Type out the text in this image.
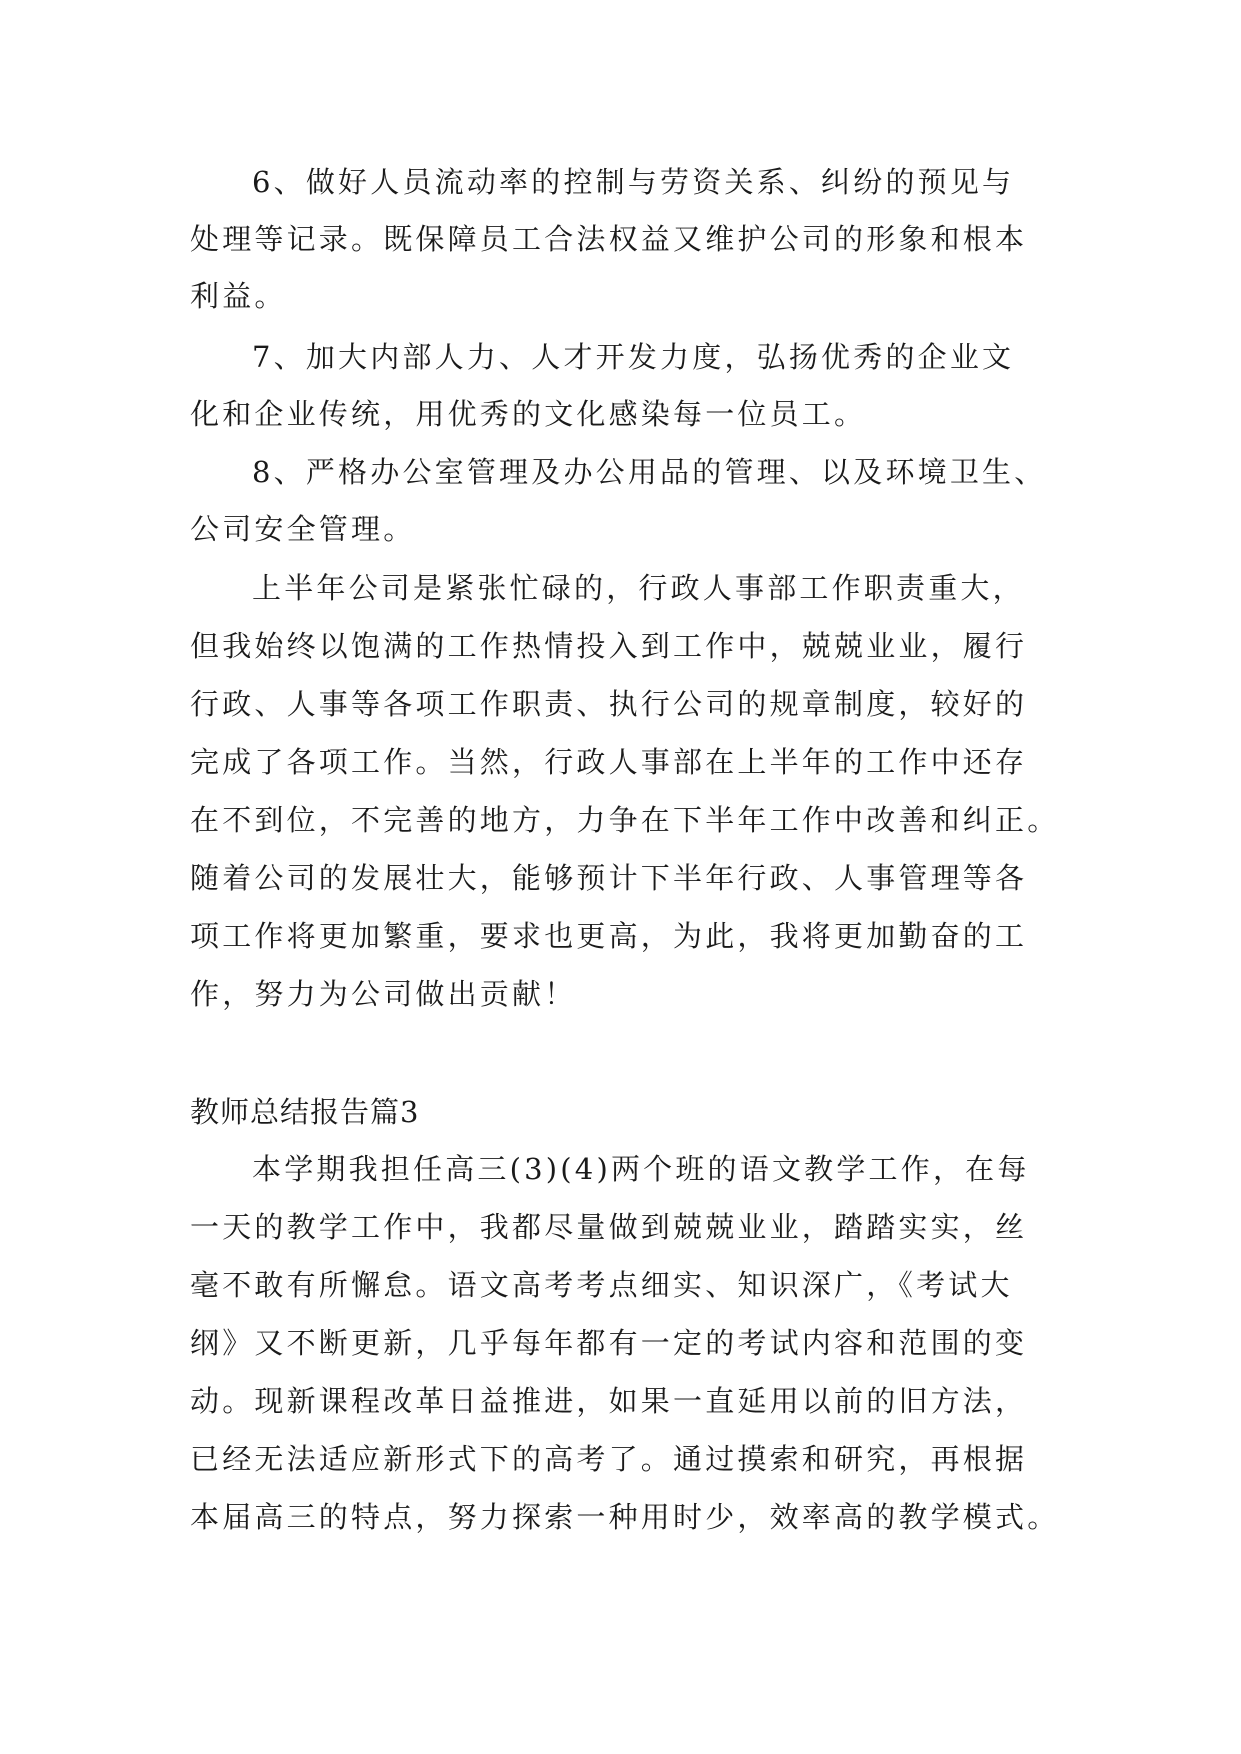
6、做好人员流动率的控制与劳资关系、纠纷的预见与
处理等记录。既保障员工合法权益又维护公司的形象和根本
利益。
7、加大内部人力、人才开发力度，弘扬优秀的企业文
化和企业传统，用优秀的文化感染每一位员工。
8、严格办公室管理及办公用品的管理、以及环境卫生、
公司安全管理。
上半年公司是紧张忙碌的，行政人事部工作职责重大，
但我始终以饱满的工作热情投入到工作中，兢兢业业，履行
行政、人事等各项工作职责、执行公司的规章制度，较好的
完成了各项工作。当然，行政人事部在上半年的工作中还存
在不到位，不完善的地方，力争在下半年工作中改善和纠正。
随着公司的发展壮大，能够预计下半年行政、人事管理等各
项工作将更加繁重，要求也更高，为此，我将更加勤奋的工
作，努力为公司做出贡献！
教师总结报告篇3
本学期我担任高三(3)(4)两个班的语文教学工作，在每
一天的教学工作中，我都尽量做到兢兢业业，踏踏实实，丝
毫不敢有所懈怠。语文高考考点细实、知识深广，《考试大
纲》又不断更新，几乎每年都有一定的考试内容和范围的变
动。现新课程改革日益推进，如果一直延用以前的旧方法，
已经无法适应新形式下的高考了。通过摸索和研究，再根据
本届高三的特点，努力探索一种用时少，效率高的教学模式。
